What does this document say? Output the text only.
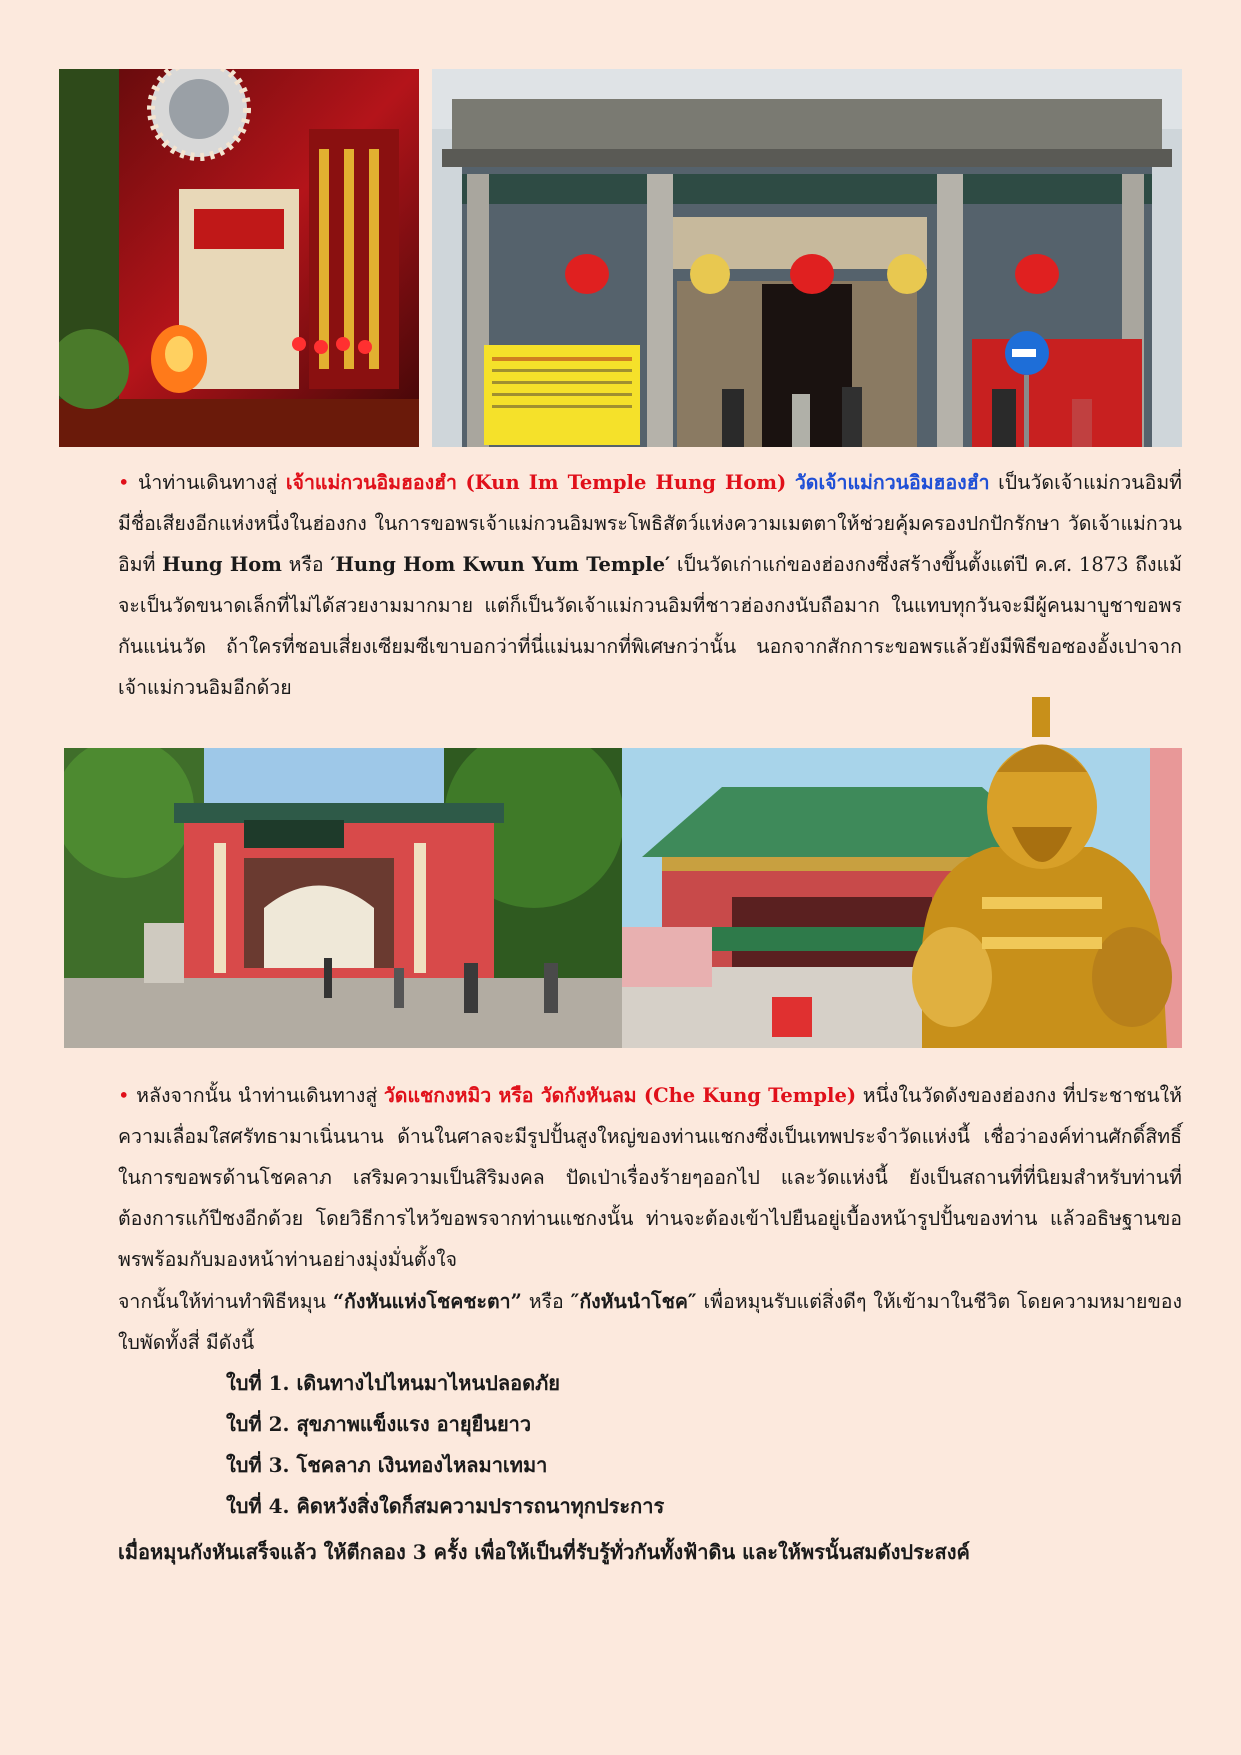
• นำท่านเดินทางสู่ เจ้าแม่กวนอิมฮองฮำ (Kun Im Temple Hung Hom) วัดเจ้าแม่กวนอิมฮองฮำ เป็นวัดเจ้าแม่กวนอิมที่มีชื่อเสียงอีกแห่งหนึ่งในฮ่องกง ในการขอพรเจ้าแม่กวนอิมพระโพธิสัตว์แห่งความเมตตาให้ช่วยคุ้มครองปกปักรักษา วัดเจ้าแม่กวนอิมที่ Hung Hom หรือ ′Hung Hom Kwun Yum Temple′ เป็นวัดเก่าแก่ของฮ่องกงซึ่งสร้างขึ้นตั้งแต่ปี ค.ศ. 1873 ถึงแม้จะเป็นวัดขนาดเล็กที่ไม่ได้สวยงามมากมาย แต่ก็เป็นวัดเจ้าแม่กวนอิมที่ชาวฮ่องกงนับถือมาก ในแทบทุกวันจะมีผู้คนมาบูชาขอพรกันแน่นวัด ถ้าใครที่ชอบเสี่ยงเซียมซีเขาบอกว่าที่นี่แม่นมากที่พิเศษกว่านั้น นอกจากสักการะขอพรแล้วยังมีพิธีขอซองอั้งเปาจากเจ้าแม่กวนอิมอีกด้วย

• หลังจากนั้น นำท่านเดินทางสู่ วัดแชกงหมิว หรือ วัดกังหันลม (Che Kung Temple) หนึ่งในวัดดังของฮ่องกง ที่ประชาชนให้ความเลื่อมใสศรัทธามาเนิ่นนาน ด้านในศาลจะมีรูปปั้นสูงใหญ่ของท่านแชกงซึ่งเป็นเทพประจำวัดแห่งนี้ เชื่อว่าองค์ท่านศักดิ์สิทธิ์ในการขอพรด้านโชคลาภ เสริมความเป็นสิริมงคล ปัดเป่าเรื่องร้ายๆออกไป และวัดแห่งนี้ ยังเป็นสถานที่ที่นิยมสำหรับท่านที่ต้องการแก้ปีชงอีกด้วย โดยวิธีการไหว้ขอพรจากท่านแชกงนั้น ท่านจะต้องเข้าไปยืนอยู่เบื้องหน้ารูปปั้นของท่าน แล้วอธิษฐานขอพรพร้อมกับมองหน้าท่านอย่างมุ่งมั่นตั้งใจ

จากนั้นให้ท่านทำพิธีหมุน “กังหันแห่งโชคชะตา” หรือ ″กังหันนำโชค″ เพื่อหมุนรับแต่สิ่งดีๆ ให้เข้ามาในชีวิต โดยความหมายของใบพัดทั้งสี่ มีดังนี้

ใบที่ 1. เดินทางไปไหนมาไหนปลอดภัย

ใบที่ 2. สุขภาพแข็งแรง อายุยืนยาว

ใบที่ 3. โชคลาภ เงินทองไหลมาเทมา

ใบที่ 4. คิดหวังสิ่งใดก็สมความปรารถนาทุกประการ

เมื่อหมุนกังหันเสร็จแล้ว ให้ตีกลอง 3 ครั้ง เพื่อให้เป็นที่รับรู้ทั่วกันทั้งฟ้าดิน และให้พรนั้นสมดังประสงค์
